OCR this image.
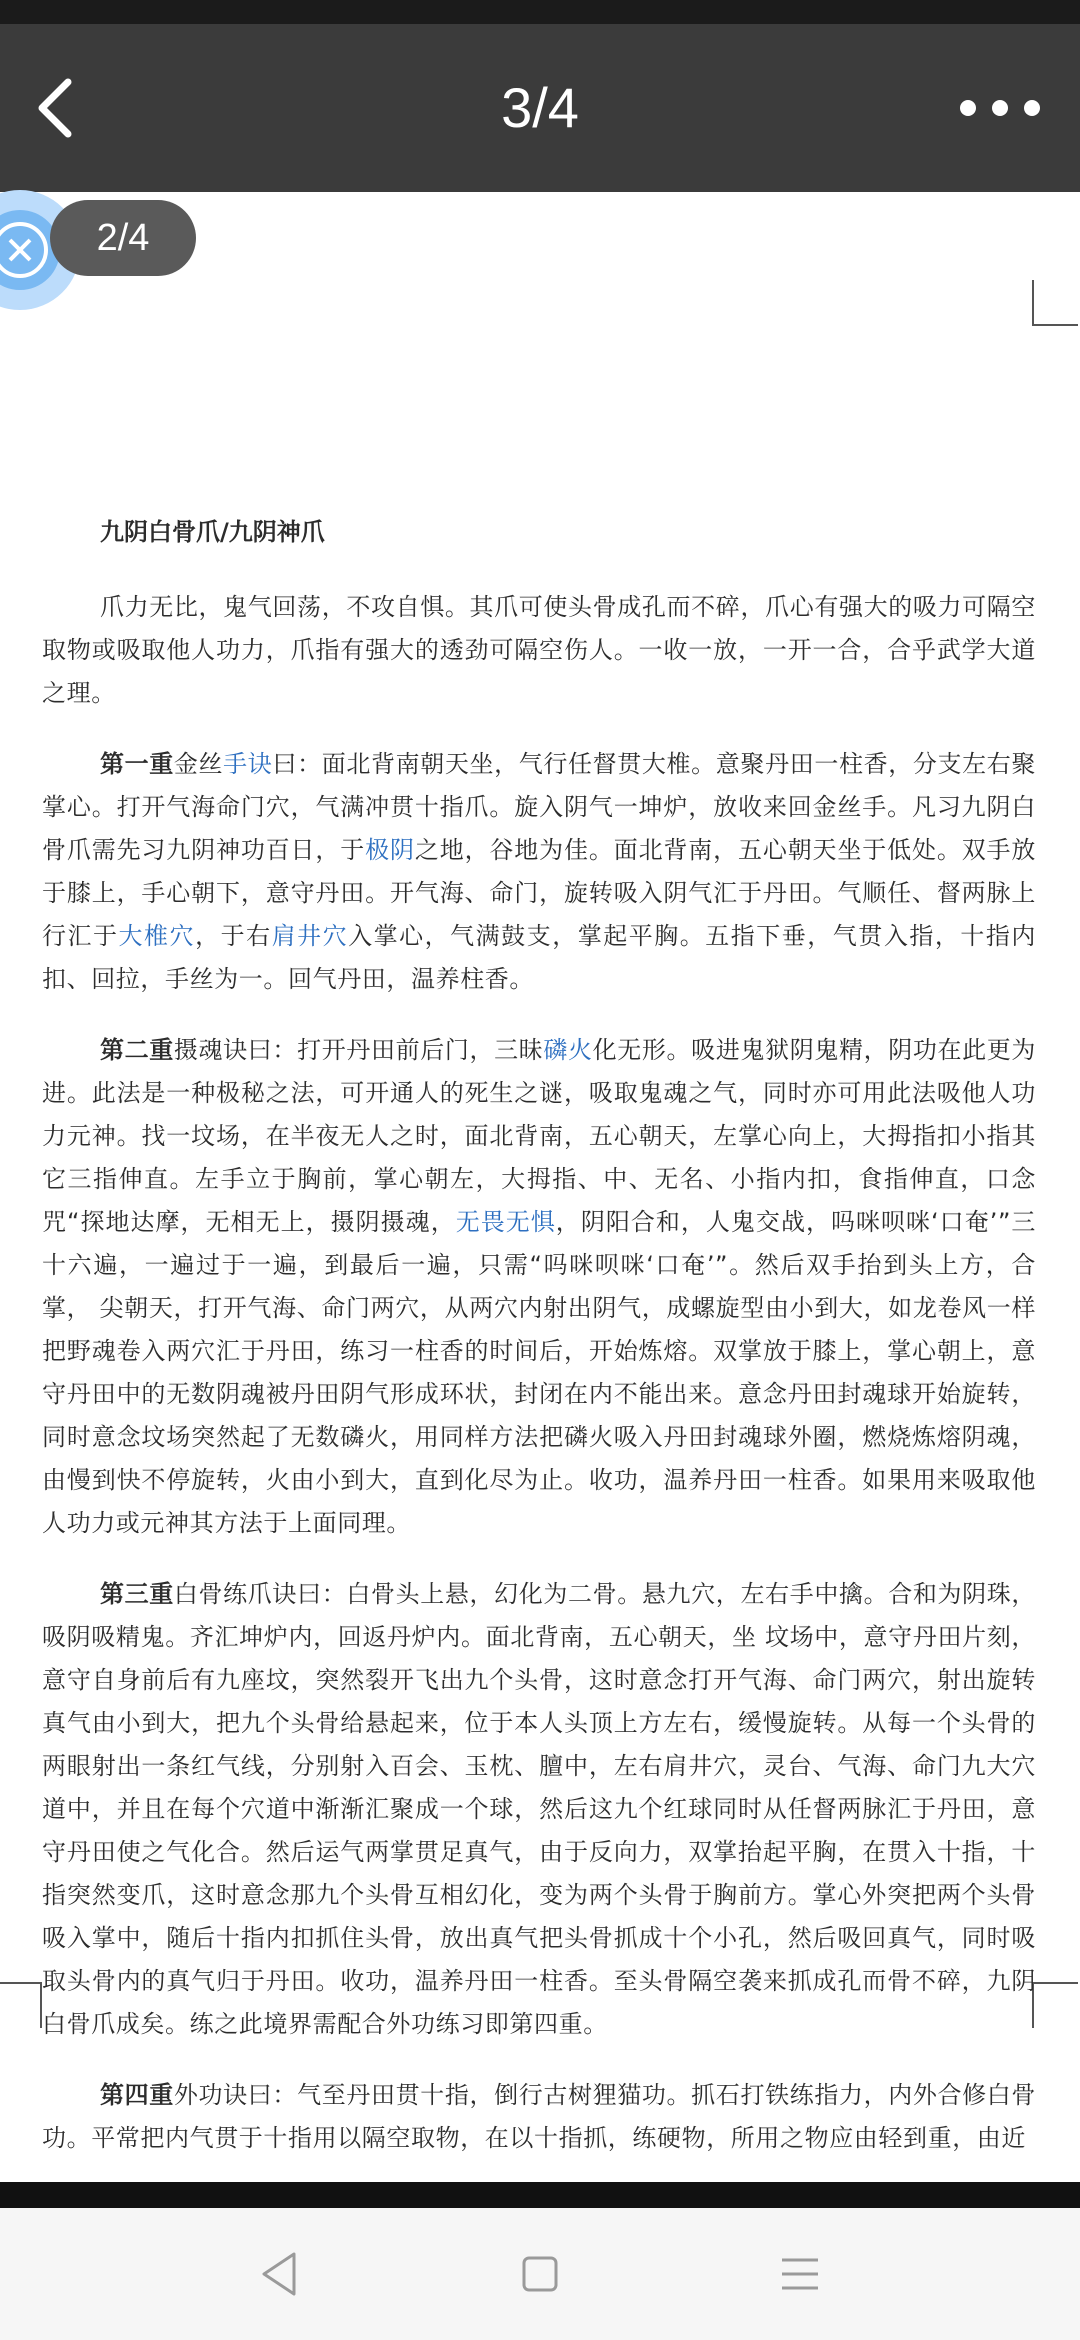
3/4
九阴白骨爪/九阴神爪

爪力无比，鬼气回荡，不攻自惧。其爪可使头骨成孔而不碎，爪心有强大的吸力可隔空取物或吸取他人功力，爪指有强大的透劲可隔空伤人。一收一放，一开一合，合乎武学大道之理。

第一重金丝手诀曰：面北背南朝天坐，气行任督贯大椎。意聚丹田一柱香，分支左右聚掌心。打开气海命门穴，气满冲贯十指爪。旋入阴气一坤炉，放收来回金丝手。凡习九阴白骨爪需先习九阴神功百日，于极阴之地，谷地为佳。面北背南，五心朝天坐于低处。双手放于膝上，手心朝下，意守丹田。开气海、命门，旋转吸入阴气汇于丹田。气顺任、督两脉上行汇于大椎穴，于右肩井穴入掌心，气满鼓支，掌起平胸。五指下垂，气贯入指，十指内扣、回拉，手丝为一。回气丹田，温养柱香。

第二重摄魂诀曰：打开丹田前后门，三昧磷火化无形。吸进鬼狱阴鬼精，阴功在此更为进。此法是一种极秘之法，可开通人的死生之谜，吸取鬼魂之气，同时亦可用此法吸他人功力元神。找一坟场，在半夜无人之时，面北背南，五心朝天，左掌心向上，大拇指扣小指其它三指伸直。左手立于胸前，掌心朝左，大拇指、中、无名、小指内扣，食指伸直，口念咒“探地达摩，无相无上，摄阴摄魂，无畏无惧，阴阳合和，人鬼交战，吗咪呗咪‘口奄’”三十六遍，一遍过于一遍，到最后一遍，只需“吗咪呗咪‘口奄’”。然后双手抬到头上方，合掌， 尖朝天，打开气海、命门两穴，从两穴内射出阴气，成螺旋型由小到大，如龙卷风一样把野魂卷入两穴汇于丹田，练习一柱香的时间后，开始炼熔。双掌放于膝上，掌心朝上，意守丹田中的无数阴魂被丹田阴气形成环状，封闭在内不能出来。意念丹田封魂球开始旋转，同时意念坟场突然起了无数磷火，用同样方法把磷火吸入丹田封魂球外圈，燃烧炼熔阴魂，由慢到快不停旋转，火由小到大，直到化尽为止。收功，温养丹田一柱香。如果用来吸取他人功力或元神其方法于上面同理。

第三重白骨练爪诀曰：白骨头上悬，幻化为二骨。悬九穴，左右手中擒。合和为阴珠，吸阴吸精鬼。齐汇坤炉内，回返丹炉内。面北背南，五心朝天，坐 坟场中，意守丹田片刻，意守自身前后有九座坟，突然裂开飞出九个头骨，这时意念打开气海、命门两穴，射出旋转真气由小到大，把九个头骨给悬起来，位于本人头顶上方左右，缓慢旋转。从每一个头骨的两眼射出一条红气线，分别射入百会、玉枕、膻中，左右肩井穴，灵台、气海、命门九大穴道中，并且在每个穴道中渐渐汇聚成一个球，然后这九个红球同时从任督两脉汇于丹田，意守丹田使之气化合。然后运气两掌贯足真气，由于反向力，双掌抬起平胸，在贯入十指，十指突然变爪，这时意念那九个头骨互相幻化，变为两个头骨于胸前方。掌心外突把两个头骨吸入掌中，随后十指内扣抓住头骨，放出真气把头骨抓成十个小孔，然后吸回真气，同时吸取头骨内的真气归于丹田。收功，温养丹田一柱香。至头骨隔空袭来抓成孔而骨不碎，九阴白骨爪成矣。练之此境界需配合外功练习即第四重。

第四重外功诀曰：气至丹田贯十指，倒行古树狸猫功。抓石打铁练指力，内外合修白骨功。平常把内气贯于十指用以隔空取物，在以十指抓，练硬物，所用之物应由轻到重，由近

2/4
